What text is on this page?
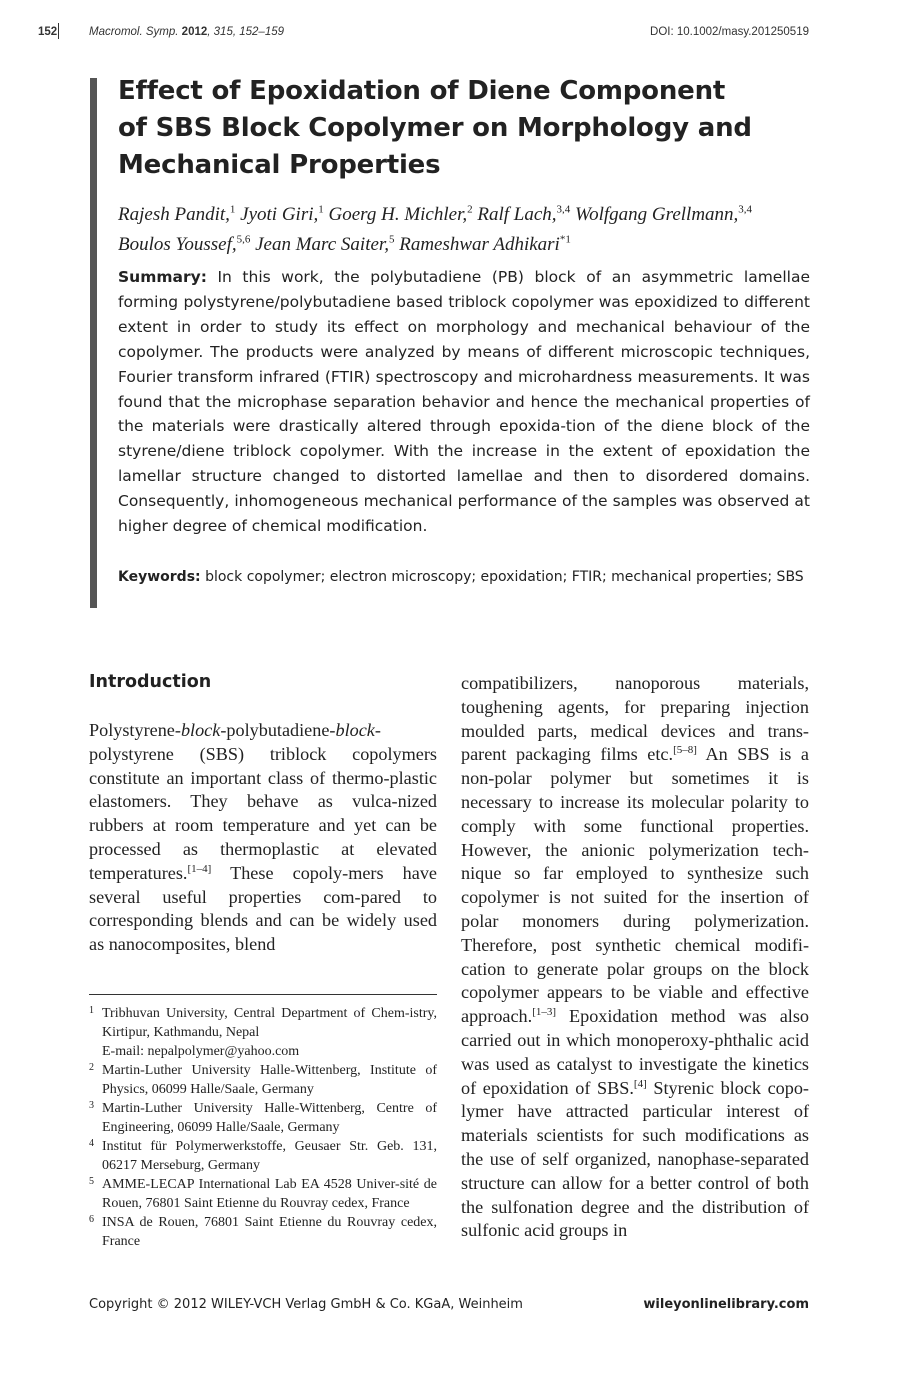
152	Macromol. Symp. 2012, 315, 152–159	DOI: 10.1002/masy.201250519
Effect of Epoxidation of Diene Component of SBS Block Copolymer on Morphology and Mechanical Properties
Rajesh Pandit,$^1$ Jyoti Giri,$^1$ Goerg H. Michler,$^2$ Ralf Lach,$^{3,4}$ Wolfgang Grellmann,$^{3,4}$
Boulos Youssef,$^{5,6}$ Jean Marc Saiter,$^5$ Rameshwar Adhikari$^{*1}$
Summary: In this work, the polybutadiene (PB) block of an asymmetric lamellae forming polystyrene/polybutadiene based triblock copolymer was epoxidized to different extent in order to study its effect on morphology and mechanical behaviour of the copolymer. The products were analyzed by means of different microscopic techniques, Fourier transform infrared (FTIR) spectroscopy and microhardness measurements. It was found that the microphase separation behavior and hence the mechanical properties of the materials were drastically altered through epoxida-tion of the diene block of the styrene/diene triblock copolymer. With the increase in the extent of epoxidation the lamellar structure changed to distorted lamellae and then to disordered domains. Consequently, inhomogeneous mechanical performance of the samples was observed at higher degree of chemical modification.
Keywords: block copolymer; electron microscopy; epoxidation; FTIR; mechanical properties; SBS
Introduction
Polystyrene-block-polybutadiene-block-polystyrene (SBS) triblock copolymers constitute an important class of thermo-plastic elastomers. They behave as vulca-nized rubbers at room temperature and yet can be processed as thermoplastic at elevated temperatures.[1–4] These copoly-mers have several useful properties com-pared to corresponding blends and can be widely used as nanocomposites, blend
compatibilizers, nanoporous materials, toughening agents, for preparing injection moulded parts, medical devices and trans-parent packaging films etc.[5–8] An SBS is a non-polar polymer but sometimes it is necessary to increase its molecular polarity to comply with some functional properties. However, the anionic polymerization tech-nique so far employed to synthesize such copolymer is not suited for the insertion of polar monomers during polymerization. Therefore, post synthetic chemical modifi-cation to generate polar groups on the block copolymer appears to be viable and effective approach.[1–3] Epoxidation method was also carried out in which monoperoxy-phthalic acid was used as catalyst to investigate the kinetics of epoxidation of SBS.[4] Styrenic block copo-lymer have attracted particular interest of materials scientists for such modifications as the use of self organized, nanophase-separated structure can allow for a better control of both the sulfonation degree and the distribution of sulfonic acid groups in
1 Tribhuvan University, Central Department of Chem-istry, Kirtipur, Kathmandu, Nepal
E-mail: nepalpolymer@yahoo.com
2 Martin-Luther University Halle-Wittenberg, Institute of Physics, 06099 Halle/Saale, Germany
3 Martin-Luther University Halle-Wittenberg, Centre of Engineering, 06099 Halle/Saale, Germany
4 Institut für Polymerwerkstoffe, Geusaer Str. Geb. 131, 06217 Merseburg, Germany
5 AMME-LECAP International Lab EA 4528 Univer-sité de Rouen, 76801 Saint Etienne du Rouvray cedex, France
6 INSA de Rouen, 76801 Saint Etienne du Rouvray cedex, France
Copyright © 2012 WILEY-VCH Verlag GmbH & Co. KGaA, Weinheim	wileyonlinelibrary.com
